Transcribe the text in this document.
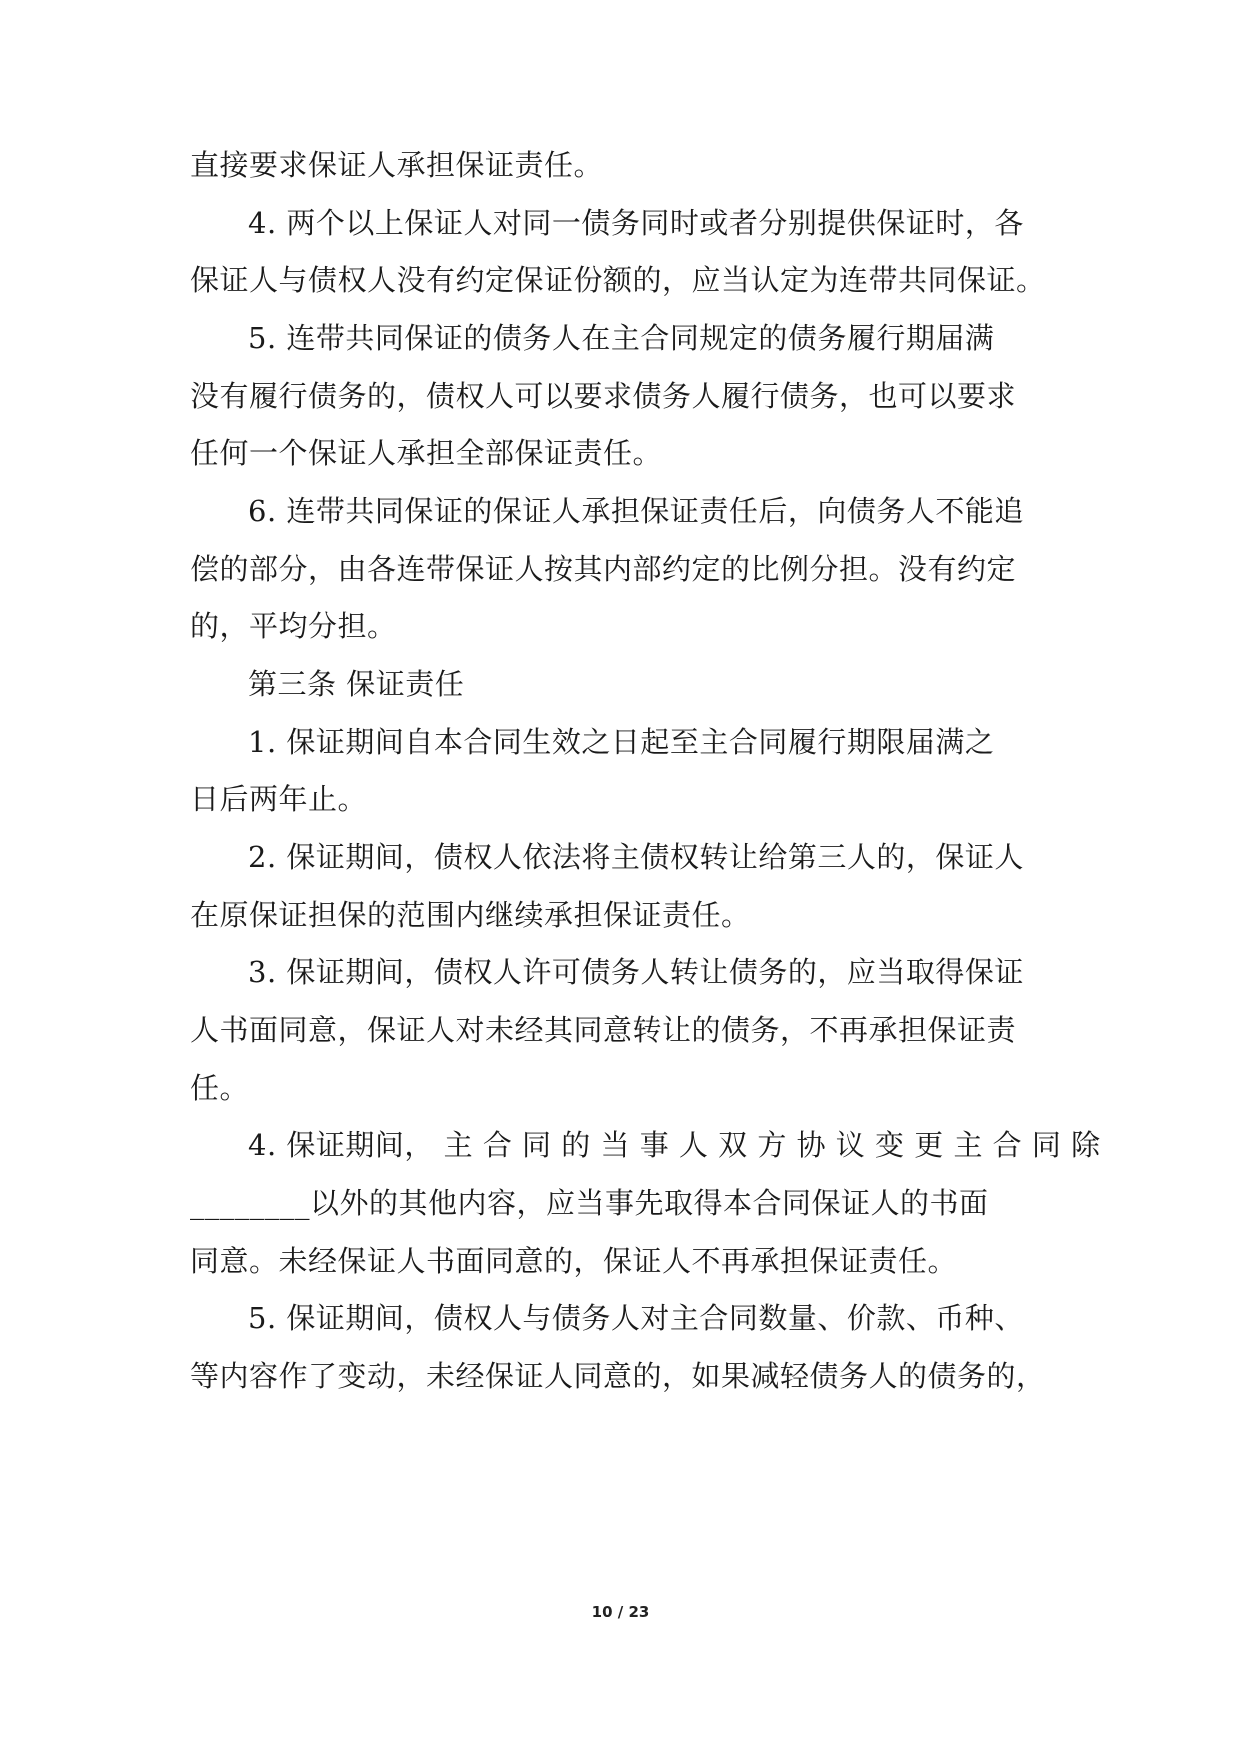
直接要求保证人承担保证责任。
4. 两个以上保证人对同一债务同时或者分别提供保证时，各
保证人与债权人没有约定保证份额的，应当认定为连带共同保证。
5. 连带共同保证的债务人在主合同规定的债务履行期届满
没有履行债务的，债权人可以要求债务人履行债务，也可以要求
任何一个保证人承担全部保证责任。
6. 连带共同保证的保证人承担保证责任后，向债务人不能追
偿的部分，由各连带保证人按其内部约定的比例分担。没有约定
的，平均分担。
第三条 保证责任
1. 保证期间自本合同生效之日起至主合同履行期限届满之
日后两年止。
2. 保证期间，债权人依法将主债权转让给第三人的，保证人
在原保证担保的范围内继续承担保证责任。
3. 保证期间，债权人许可债务人转让债务的，应当取得保证
人书面同意，保证人对未经其同意转让的债务，不再承担保证责
任。
4. 保证期间， 主 合 同 的 当 事 人 双 方 协 议 变 更 主 合 同 除
________以外的其他内容，应当事先取得本合同保证人的书面
同意。未经保证人书面同意的，保证人不再承担保证责任。
5. 保证期间，债权人与债务人对主合同数量、价款、币种、
等内容作了变动，未经保证人同意的，如果减轻债务人的债务的，
10 / 23
